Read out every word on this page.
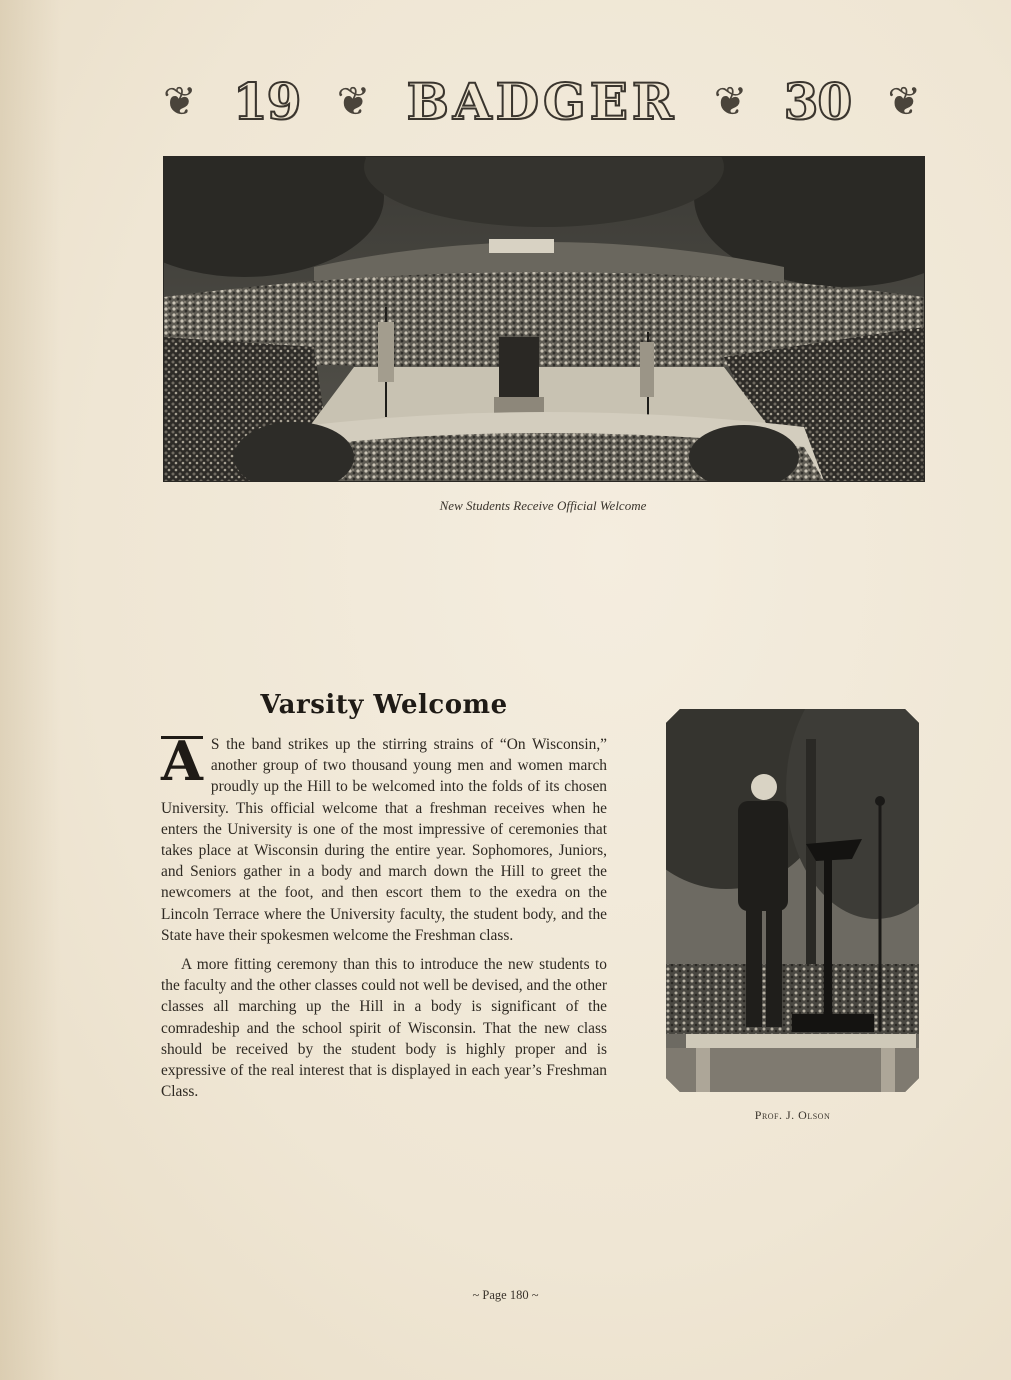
❦ 19 ❦ BADGER ❦ 30 ❦
New Students Receive Official Welcome
Varsity Welcome

A S the band strikes up the stirring strains of “On Wisconsin,” another group of two thousand young men and women march proudly up the Hill to be welcomed into the folds of its chosen University. This official welcome that a freshman receives when he enters the University is one of the most impressive of ceremonies that takes place at Wisconsin during the entire year. Sophomores, Juniors, and Seniors gather in a body and march down the Hill to greet the newcomers at the foot, and then escort them to the exedra on the Lincoln Terrace where the University faculty, the student body, and the State have their spokesmen welcome the Freshman class.

A more fitting ceremony than this to introduce the new students to the faculty and the other classes could not well be devised, and the other classes all marching up the Hill in a body is significant of the comradeship and the school spirit of Wisconsin. That the new class should be received by the student body is highly proper and is expressive of the real interest that is displayed in each year’s Freshman Class.

Prof. J. Olson
~ Page 180 ~
